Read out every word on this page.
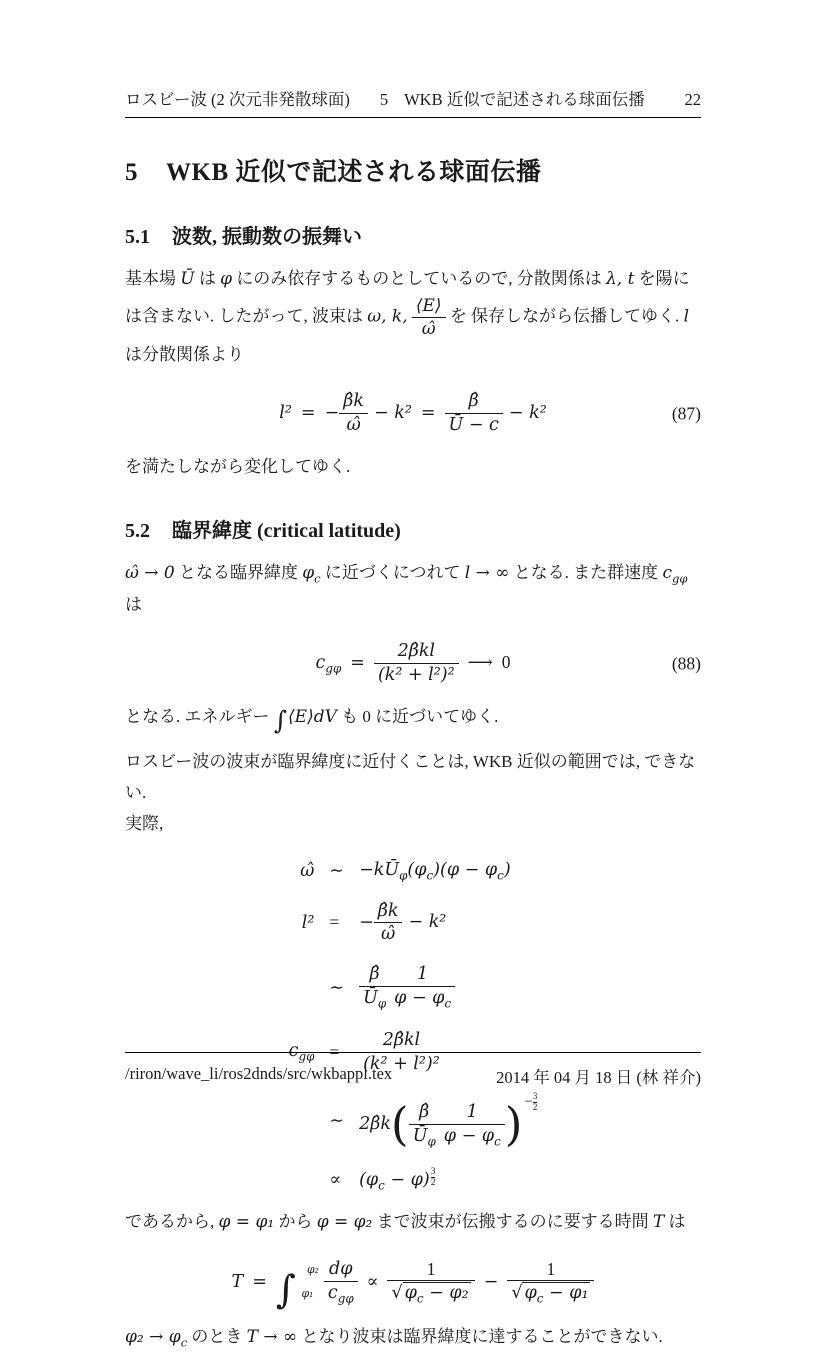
ロスビー波 (2 次元非発散球面) 5 WKB 近似で記述される球面伝播 22
5 WKB 近似で記述される球面伝播
5.1 波数, 振動数の振舞い

基本場 Ū は φ にのみ依存するものとしているので, 分散関係は λ, t を陽には含まない. したがって, 波束は ω, k, $\frac{⟨E⟩}{\omegâ}$ を 保存しながら伝播してゆく. l は分散関係より

l² = − $\frac{\betâk}{\omegâ} - k^2 = \frac{\betâ}{Ū - c} - k^2$	(87)

を満たしながら変化してゆく.

5.2 臨界緯度 (critical latitude)

ω̂ → 0 となる臨界緯度 $\varphi_c$ に近づくにつれて l → ∞ となる. また群速度 $c_{g\varphi}$ は

$c_{g\varphi} = \frac{2\betâkl}{\text{(k² + l²)²}}$ ⟶ 0	(88)

となる. エネルギー ∫⟨E⟩dV も 0 に近づいてゆく.

ロスビー波の波束が臨界緯度に近付くことは, WKB 近似の範囲では, できない.
実際,

ω̂ ∼ $-kŪ_\varphi(\varphi_c)(\varphi - \varphi_c)$
l² = − $\frac{\betâk}{\omegâ} - k^2$
∼ $\frac{\betâ}{Ū_\varphi} \frac{1}{\varphi - \varphi_c}$
$c_{g\varphi} = \frac{2\betâkl}{\text{(k² + l²)²}}$
∼ 2β̂k( $\frac{\betâ}{Ū_\varphi} \frac{1}{\varphi - \varphi_c}$ ) − $\frac{3}{2}$
∝ $(\varphi_c - \varphi) \frac{3}{2}$

であるから, φ = φ₁ から φ = φ₂ まで波束が伝搬するのに要する時間 T は

T = ∫ φ₂
$\varphi_1 \frac{d\varphi}{c_{g\varphi}} \propto \frac{1}{√ \varphi_c - \varphi_2} - \frac{1}{√ \varphi_c - \varphi_1}$

$\varphi_2 \to \varphi_c$ のとき T → ∞ となり波束は臨界緯度に達することができない.

/riron/wave_li/ros2dnds/src/wkbappl.tex	2014 年 04 月 18 日 (林 祥介)
